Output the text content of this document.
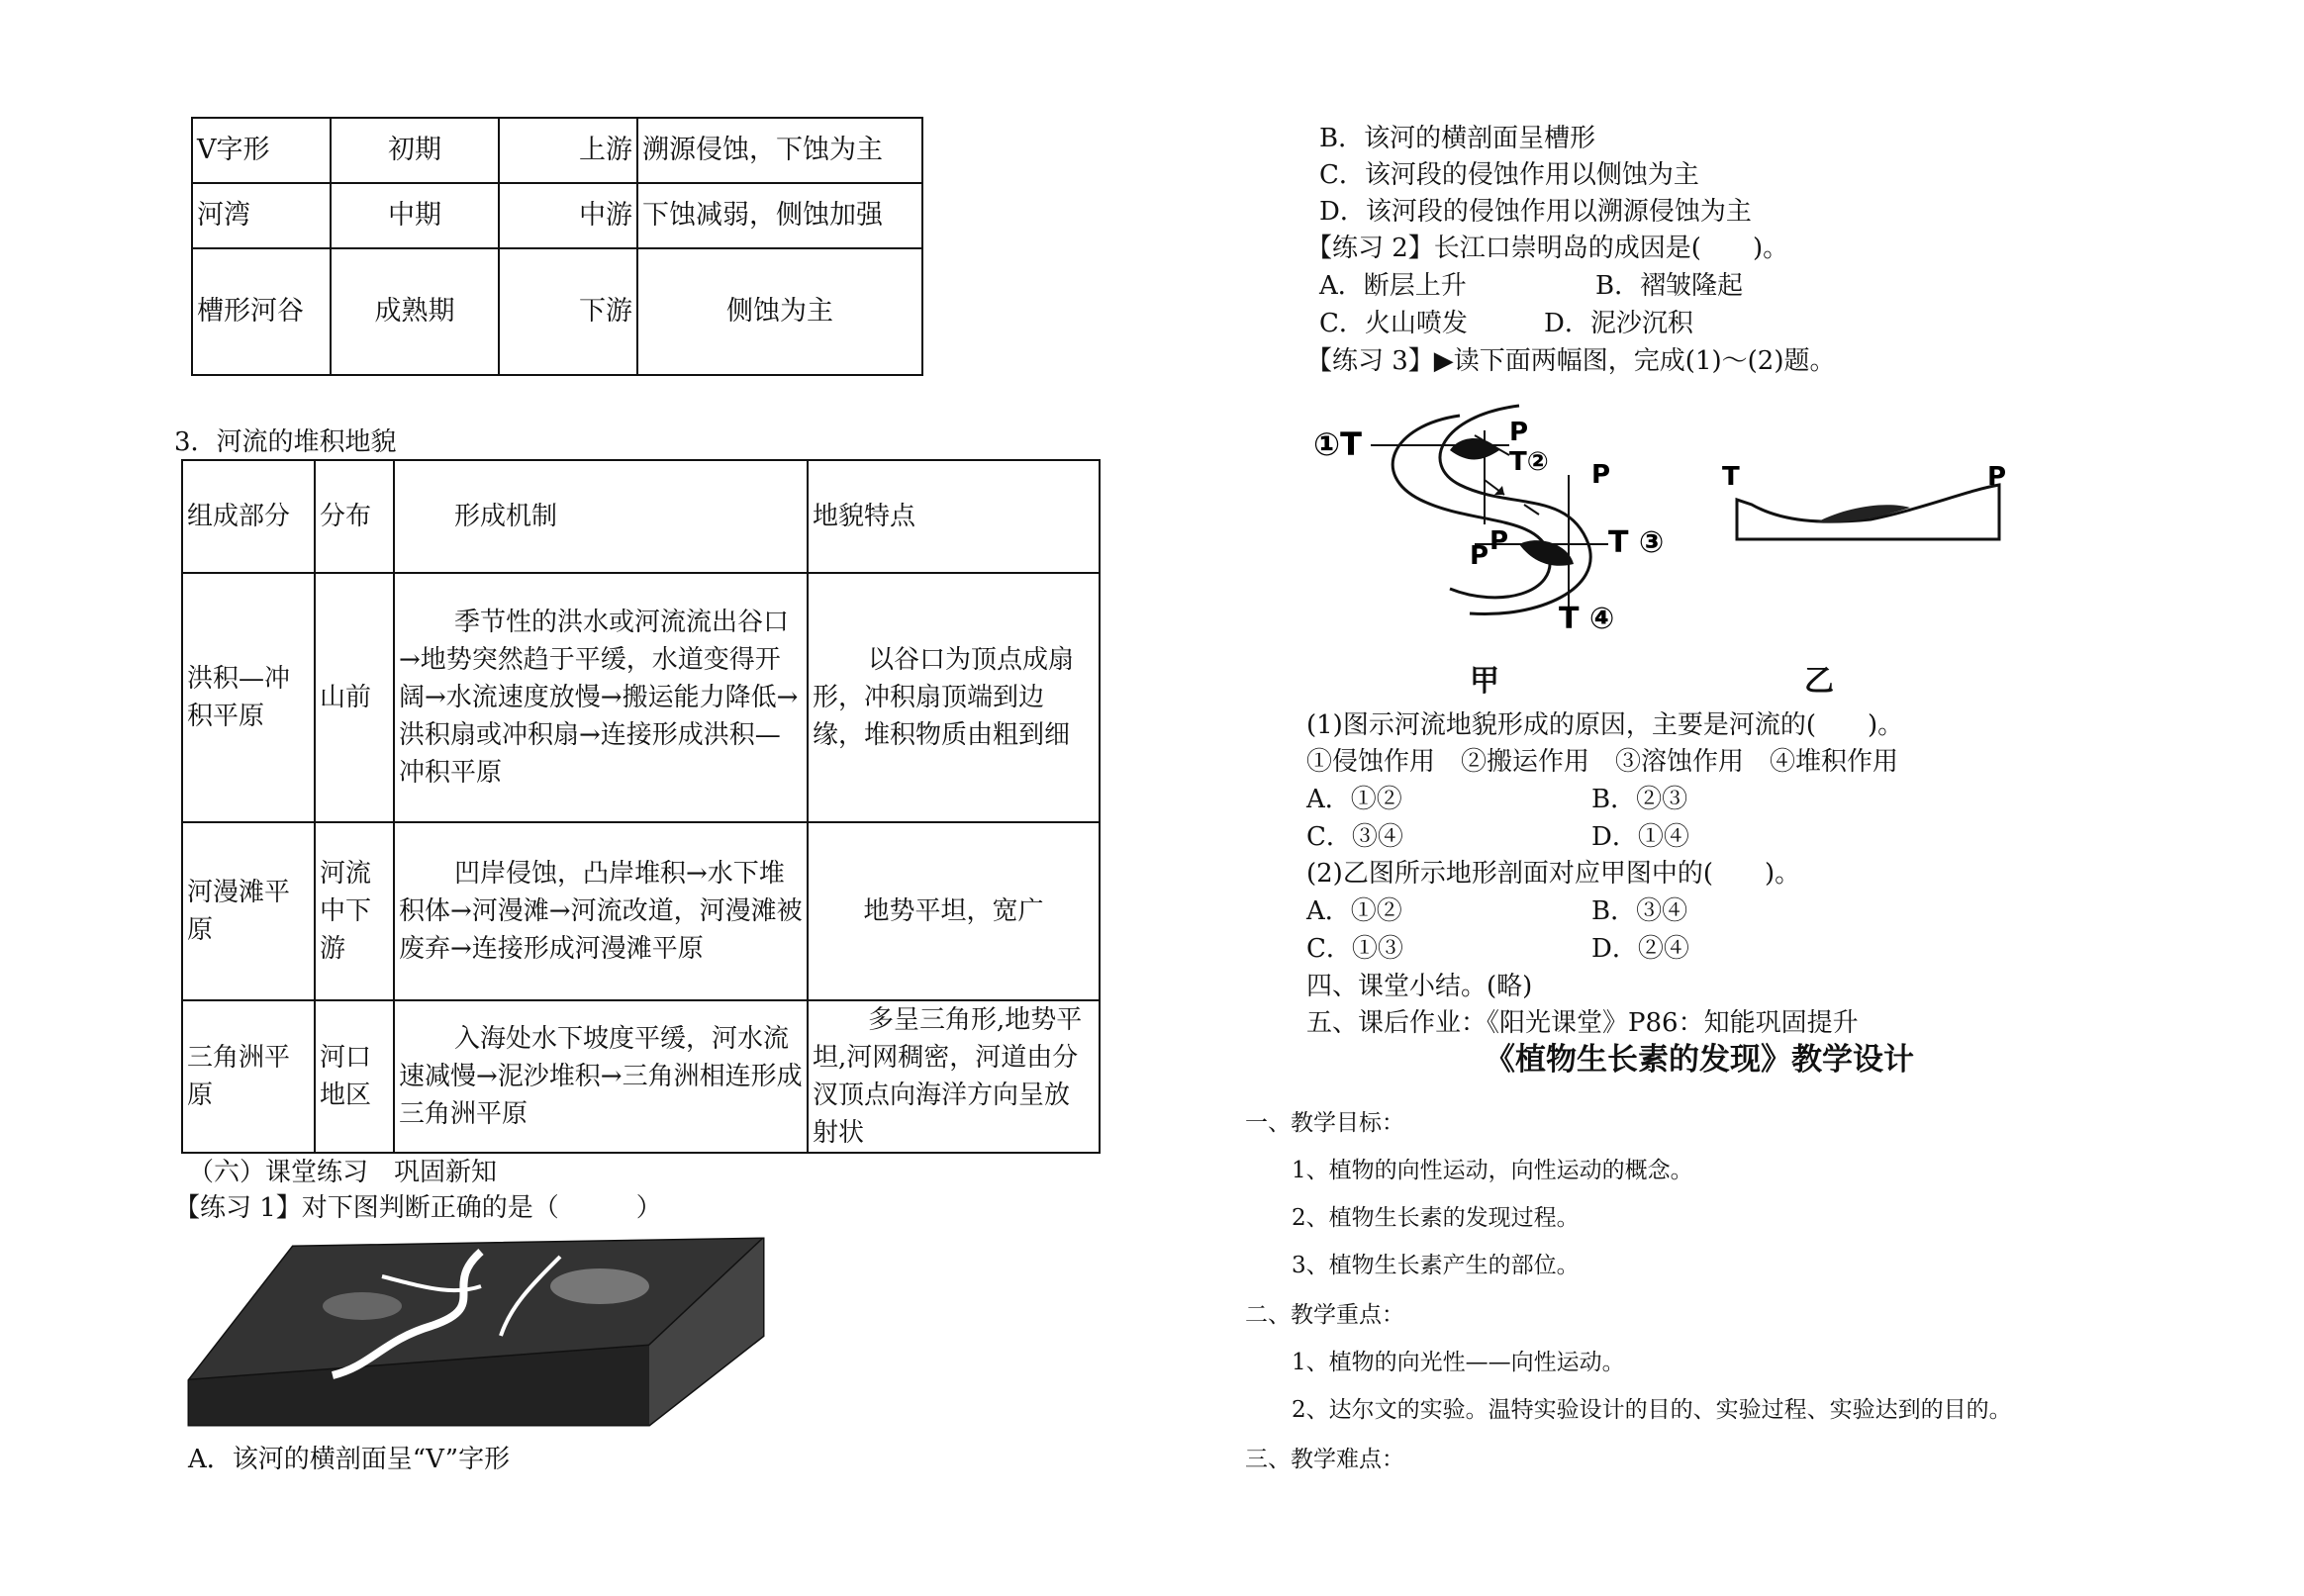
V字形	初期	上游	溯源侵蚀，下蚀为主
河湾	中期	中游	下蚀减弱，侧蚀加强
槽形河谷	成熟期	下游	侧蚀为主
3．河流的堆积地貌
组成部分	分布	形成机制	地貌特点
洪积—冲积平原	山前	季节性的洪水或河流流出谷口→地势突然趋于平缓，水道变得开阔→水流速度放慢→搬运能力降低→洪积扇或冲积扇→连接形成洪积—冲积平原	以谷口为顶点成扇形，冲积扇顶端到边缘，堆积物质由粗到细
河漫滩平原	河流中下游	凹岸侵蚀，凸岸堆积→水下堆积体→河漫滩→河流改道，河漫滩被废弃→连接形成河漫滩平原	地势平坦，宽广
三角洲平原	河口地区	入海处水下坡度平缓，河水流速减慢→泥沙堆积→三角洲相连形成三角洲平原	多呈三角形,地势平坦,河网稠密，河道由分汊顶点向海洋方向呈放射状
（六）课堂练习　巩固新知
【练习 1】对下图判断正确的是（　　　）
A．该河的横剖面呈“V”字形
B．该河的横剖面呈槽形
C．该河段的侵蚀作用以侧蚀为主
D．该河段的侵蚀作用以溯源侵蚀为主
【练习 2】长江口崇明岛的成因是(　　)。
A．断层上升	B．褶皱隆起
C．火山喷发	D．泥沙沉积
【练习 3】▶读下面两幅图，完成(1)～(2)题。
①T	P
T② P
T ③
P
P
T ④
T	P
甲	乙
(1)图示河流地貌形成的原因，主要是河流的(　　)。
①侵蚀作用　②搬运作用　③溶蚀作用　④堆积作用
A．①②	B．②③
C．③④	D．①④
(2)乙图所示地形剖面对应甲图中的(　　)。
A．①②	B．③④
C．①③	D．②④
四、课堂小结。(略)
五、课后作业：《阳光课堂》P86：知能巩固提升
《植物生长素的发现》教学设计
一、教学目标：
1、植物的向性运动，向性运动的概念。
2、植物生长素的发现过程。
3、植物生长素产生的部位。
二、教学重点：
1、植物的向光性——向性运动。
2、达尔文的实验。温特实验设计的目的、实验过程、实验达到的目的。
三、教学难点：
